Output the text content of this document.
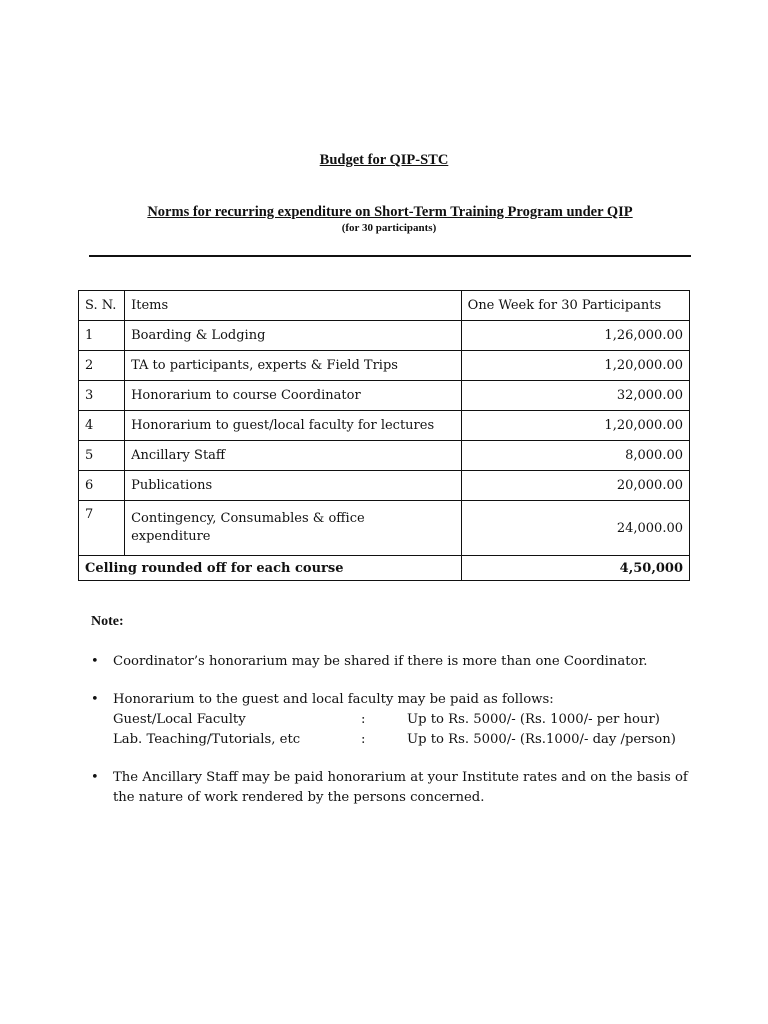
Budget for QIP-STC
Norms for recurring expenditure on Short-Term Training Program under QIP
(for 30 participants)
S. N.	Items	One Week for 30 Participants
1	Boarding & Lodging	1,26,000.00
2	TA to participants, experts & Field Trips	1,20,000.00
3	Honorarium to course Coordinator	32,000.00
4	Honorarium to guest/local faculty for lectures	1,20,000.00
5	Ancillary Staff	8,000.00
6	Publications	20,000.00
7	Contingency, Consumables & office
expenditure	24,000.00
Celling rounded off for each course		4,50,000
Note:
• Coordinator’s honorarium may be shared if there is more than one Coordinator.
• Honorarium to the guest and local faculty may be paid as follows:
Guest/Local Faculty	:	Up to Rs. 5000/- (Rs. 1000/- per hour)
Lab. Teaching/Tutorials, etc	:	Up to Rs. 5000/- (Rs.1000/- day /person)
• The Ancillary Staff may be paid honorarium at your Institute rates and on the basis of
the nature of work rendered by the persons concerned.
